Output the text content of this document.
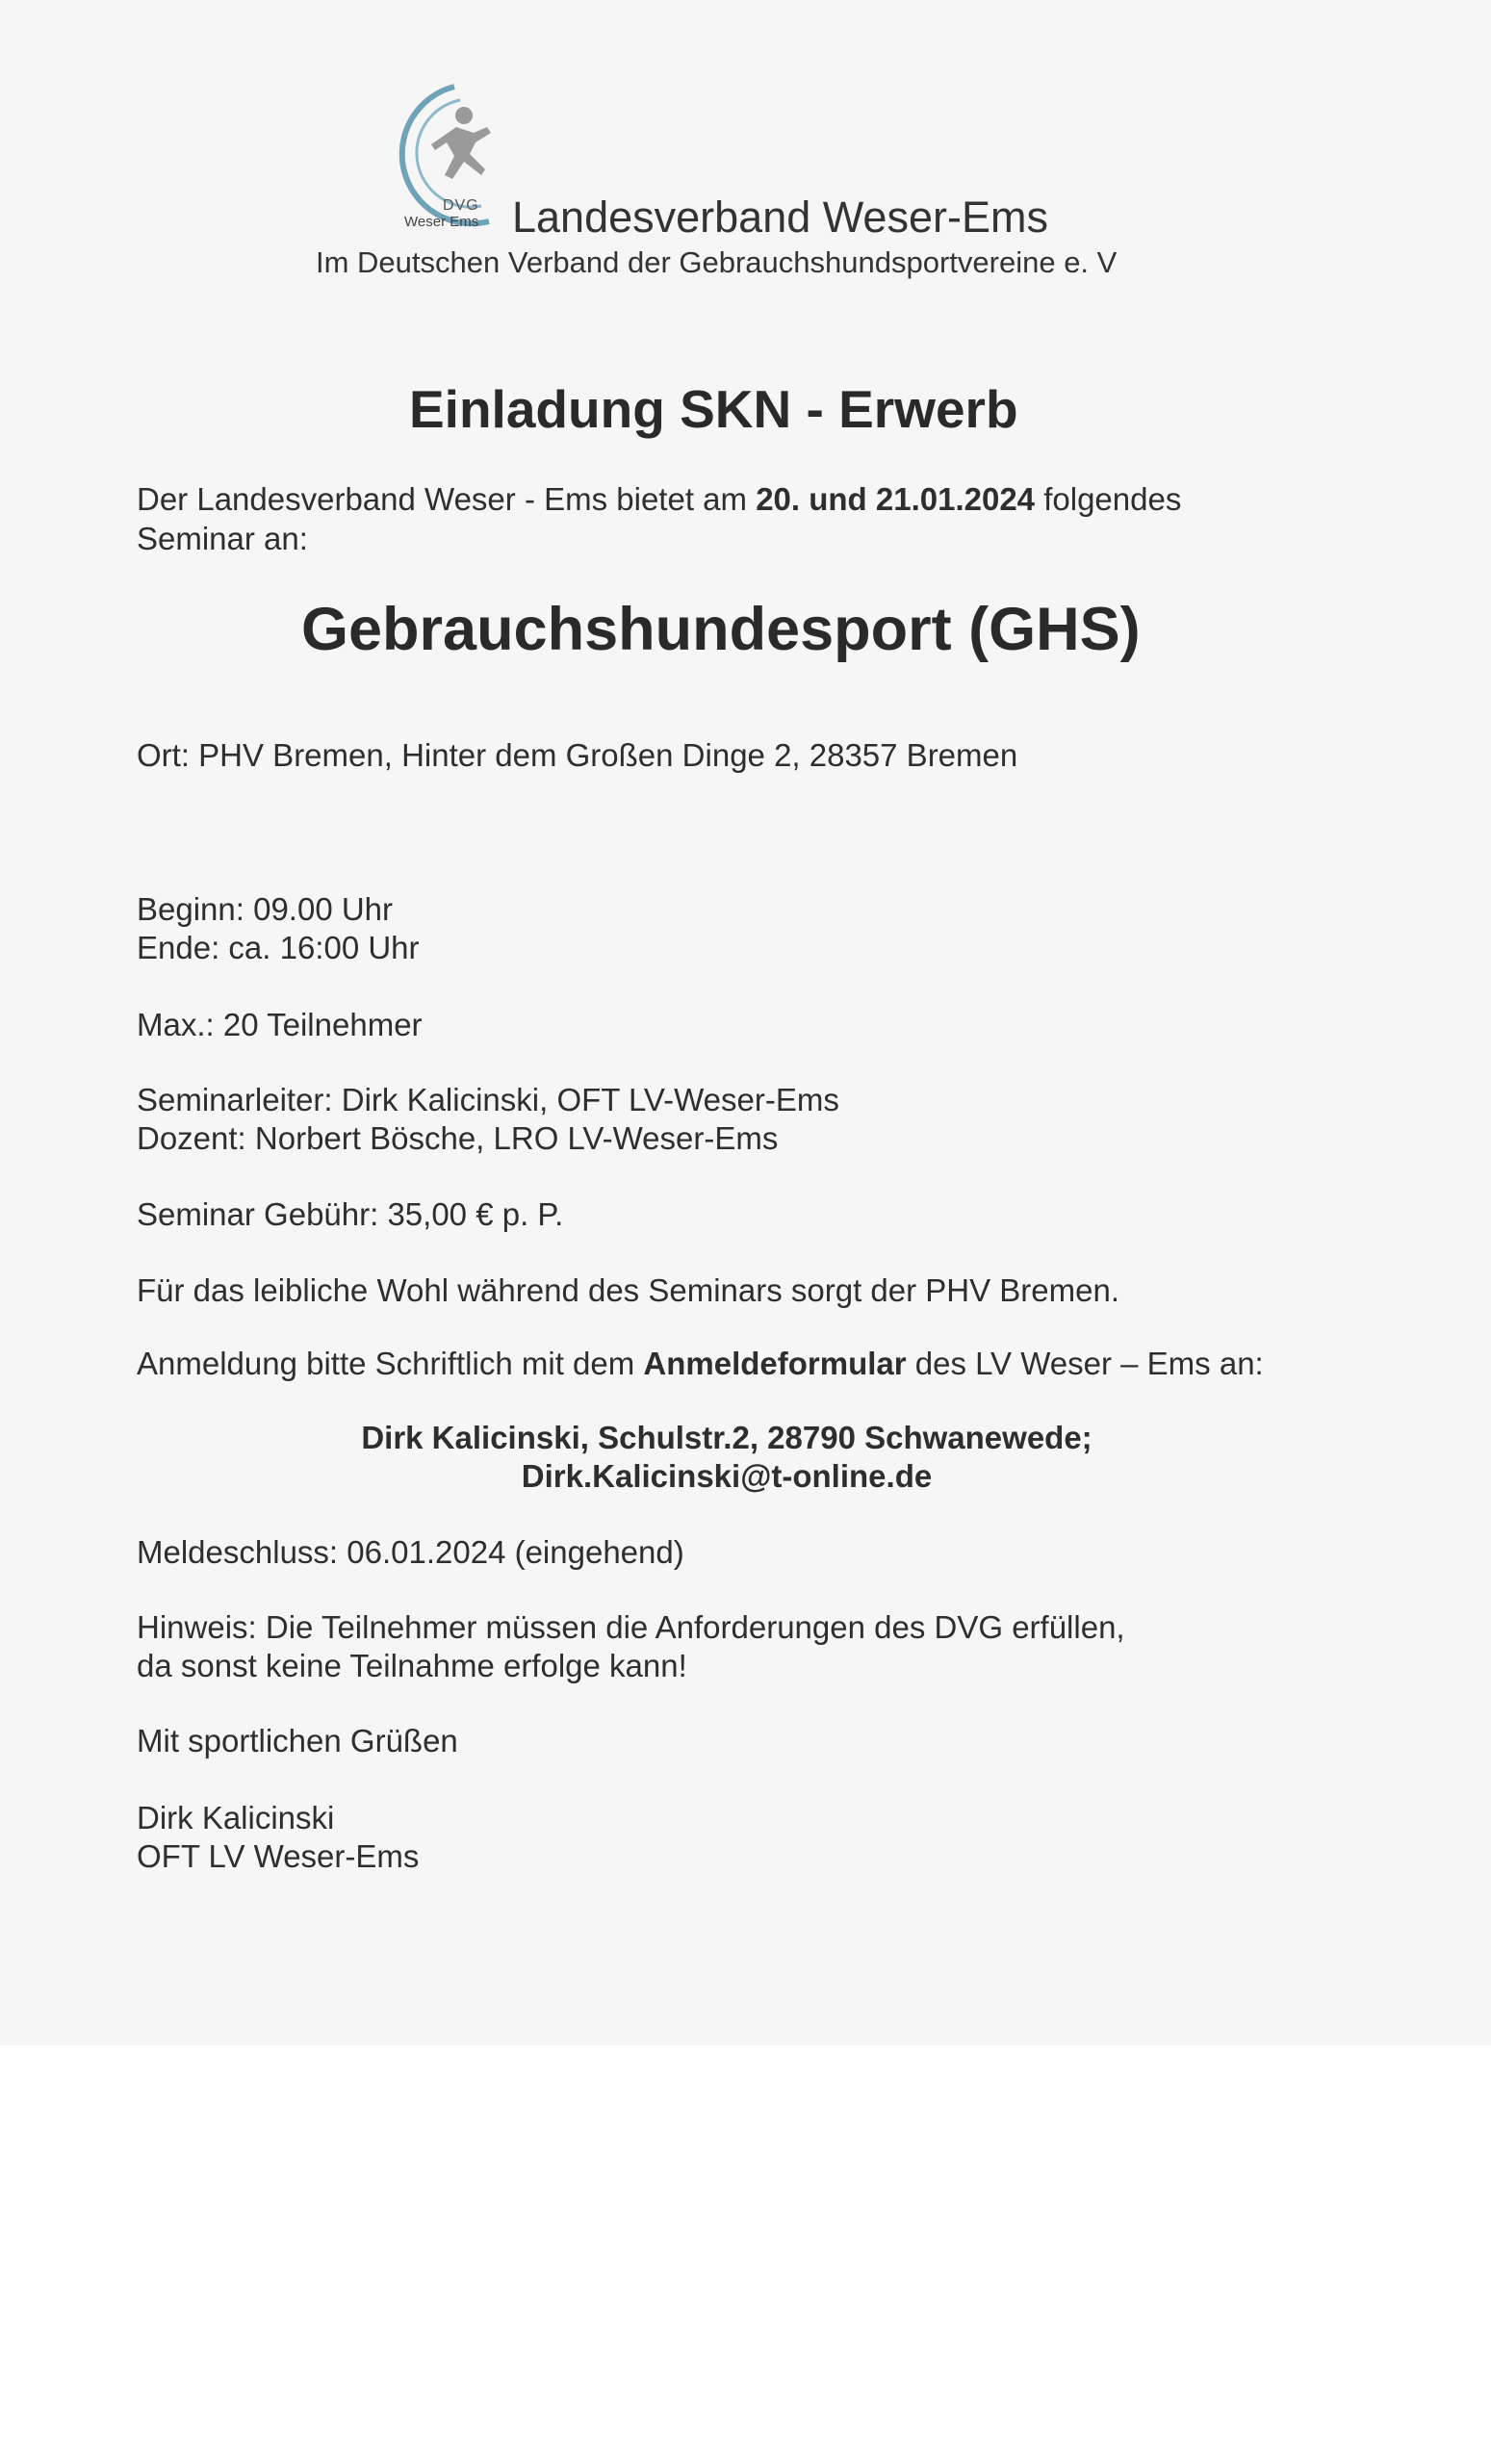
DVG
Weser Ems Landesverband Weser-Ems

Im Deutschen Verband der Gebrauchshundsportvereine e. V

Einladung SKN - Erwerb

Der Landesverband Weser - Ems bietet am 20. und 21.01.2024 folgendes

Seminar an:

Gebrauchshundesport (GHS)

Ort: PHV Bremen, Hinter dem Großen Dinge 2, 28357 Bremen

Beginn: 09.00 Uhr

Ende: ca. 16:00 Uhr

Max.: 20 Teilnehmer

Seminarleiter: Dirk Kalicinski, OFT LV-Weser-Ems

Dozent: Norbert Bösche, LRO LV-Weser-Ems

Seminar Gebühr: 35,00 € p. P.

Für das leibliche Wohl während des Seminars sorgt der PHV Bremen.

Anmeldung bitte Schriftlich mit dem Anmeldeformular des LV Weser – Ems an:

Dirk Kalicinski, Schulstr.2, 28790 Schwanewede;

Dirk.Kalicinski@t-online.de

Meldeschluss: 06.01.2024 (eingehend)

Hinweis: Die Teilnehmer müssen die Anforderungen des DVG erfüllen,

da sonst keine Teilnahme erfolge kann!

Mit sportlichen Grüßen

Dirk Kalicinski

OFT LV Weser-Ems
